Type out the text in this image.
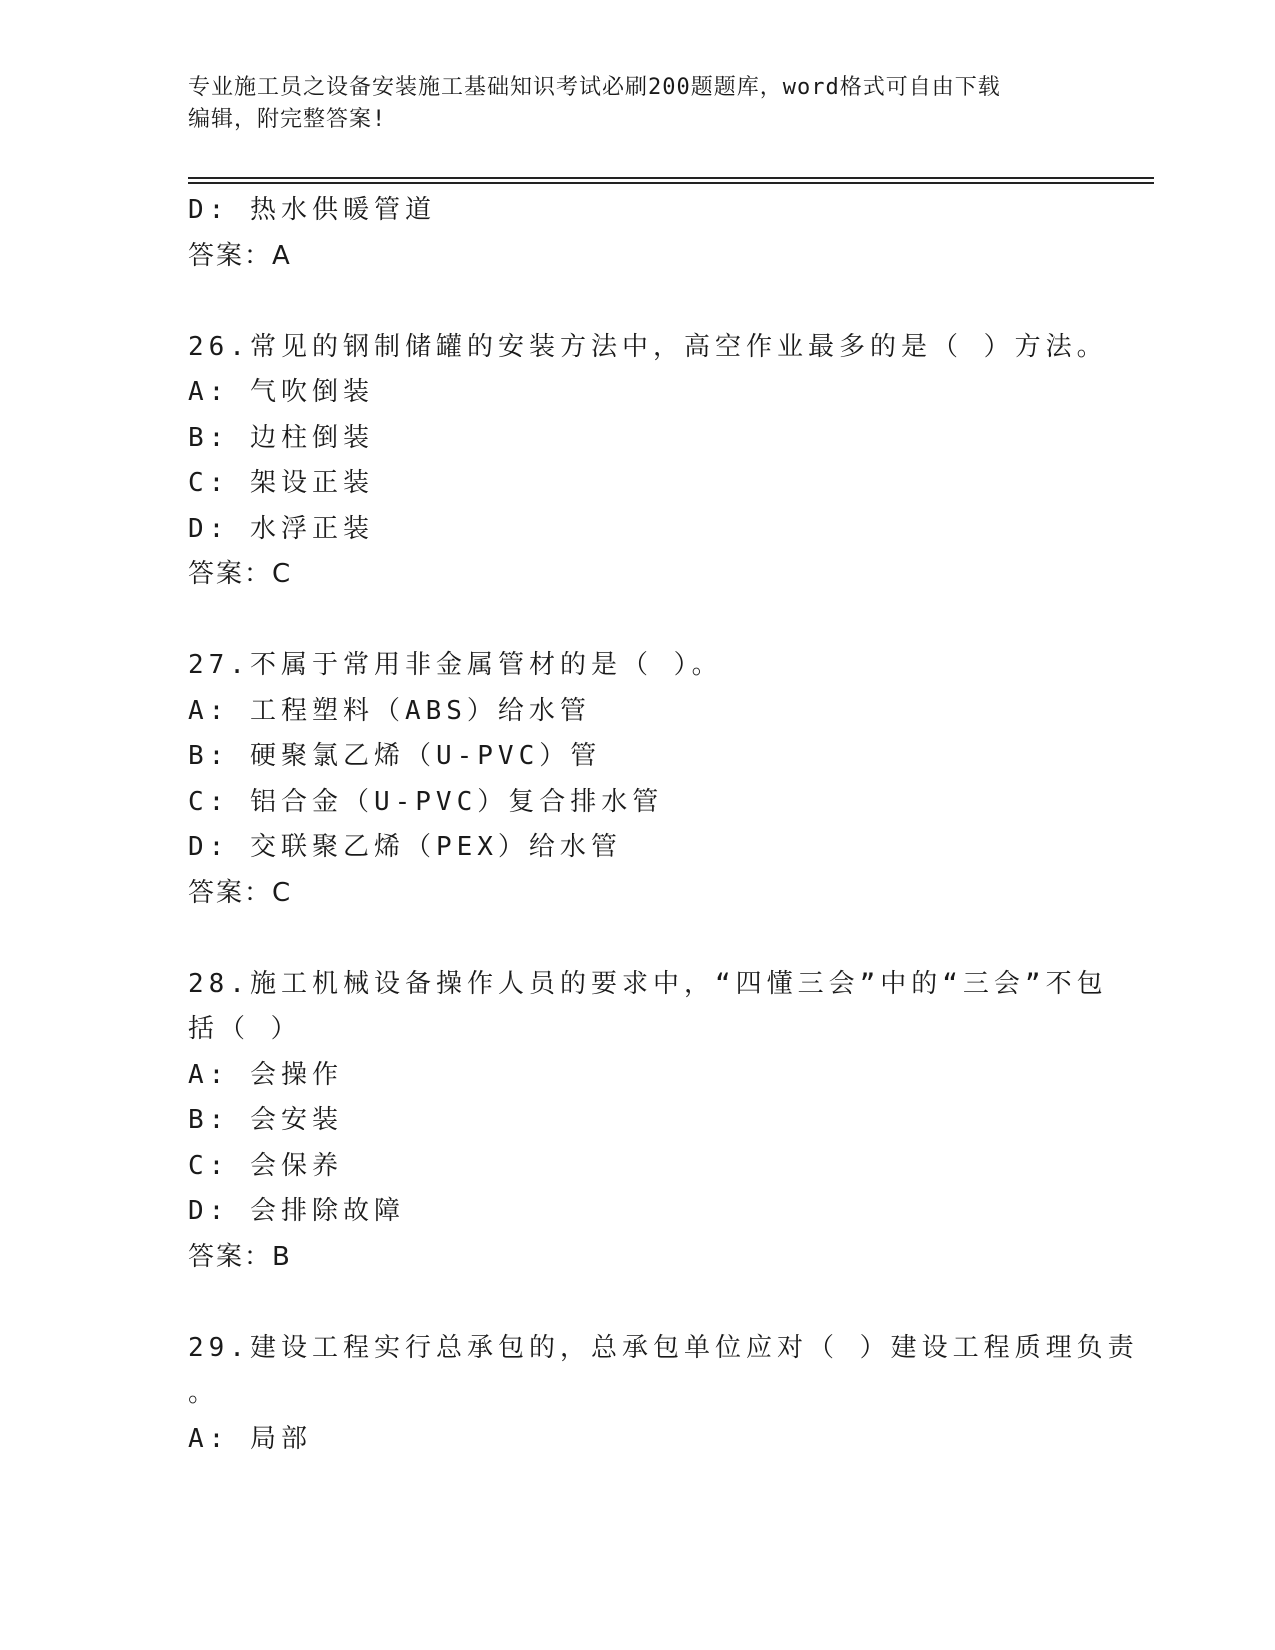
专业施工员之设备安装施工基础知识考试必刷200题题库，word格式可自由下载
编辑，附完整答案!
D: 热水供暖管道
答案：A
26.常见的钢制储罐的安装方法中，高空作业最多的是（ ）方法。
A: 气吹倒装
B: 边柱倒装
C: 架设正装
D: 水浮正装
答案：C
27.不属于常用非金属管材的是（ ）。
A: 工程塑料（ABS）给水管
B: 硬聚氯乙烯（U-PVC）管
C: 铝合金（U-PVC）复合排水管
D: 交联聚乙烯（PEX）给水管
答案：C
28.施工机械设备操作人员的要求中，“四懂三会”中的“三会”不包
括（ ）
A: 会操作
B: 会安装
C: 会保养
D: 会排除故障
答案：B
29.建设工程实行总承包的，总承包单位应对（ ）建设工程质理负责
。
A: 局部
